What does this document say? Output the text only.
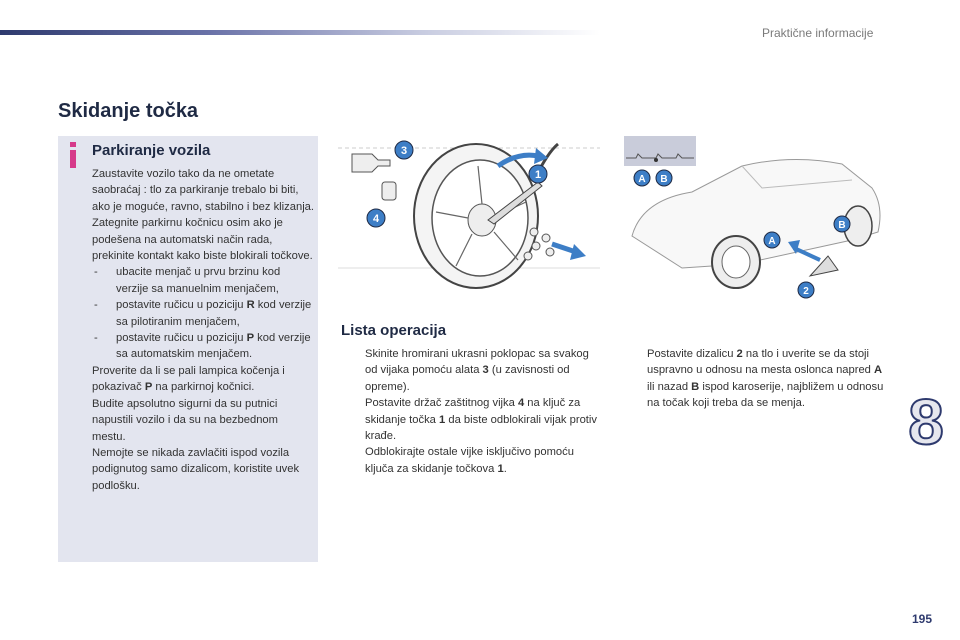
Praktične informacije
Skidanje točka
Parkiranje vozila

Zaustavite vozilo tako da ne ometate saobraćaj : tlo za parkiranje trebalo bi biti, ako je moguće, ravno, stabilno i bez klizanja.

Zategnite parkirnu kočnicu osim ako je podešena na automatski način rada, prekinite kontakt kako biste blokirali točkove.

- ubacite menjač u prvu brzinu kod verzije sa manuelnim menjačem,
- postavite ručicu u poziciju R kod verzije sa pilotiranim menjačem,
- postavite ručicu u poziciju P kod verzije sa automatskim menjačem.

Proverite da li se pali lampica kočenja i pokazivač P na parkirnoj kočnici.

Budite apsolutno sigurni da su putnici napustili vozilo i da su na bezbednom mestu.

Nemojte se nikada zavlačiti ispod vozila podignutog samo dizalicom, koristite uvek podlošku.

3
4
1	A B
A
B
2
Lista operacija
Skinite hromirani ukrasni poklopac sa svakog od vijaka pomoću alata 3 (u zavisnosti od opreme).
Postavite držač zaštitnog vijka 4 na ključ za skidanje točka 1 da biste odblokirali vijak protiv krađe.
Odblokirajte ostale vijke isključivo pomoću ključa za skidanje točkova 1.
Postavite dizalicu 2 na tlo i uverite se da stoji uspravno u odnosu na mesta oslonca napred A ili nazad B ispod karoserije, najbližem u odnosu na točak koji treba da se menja.	8
195
